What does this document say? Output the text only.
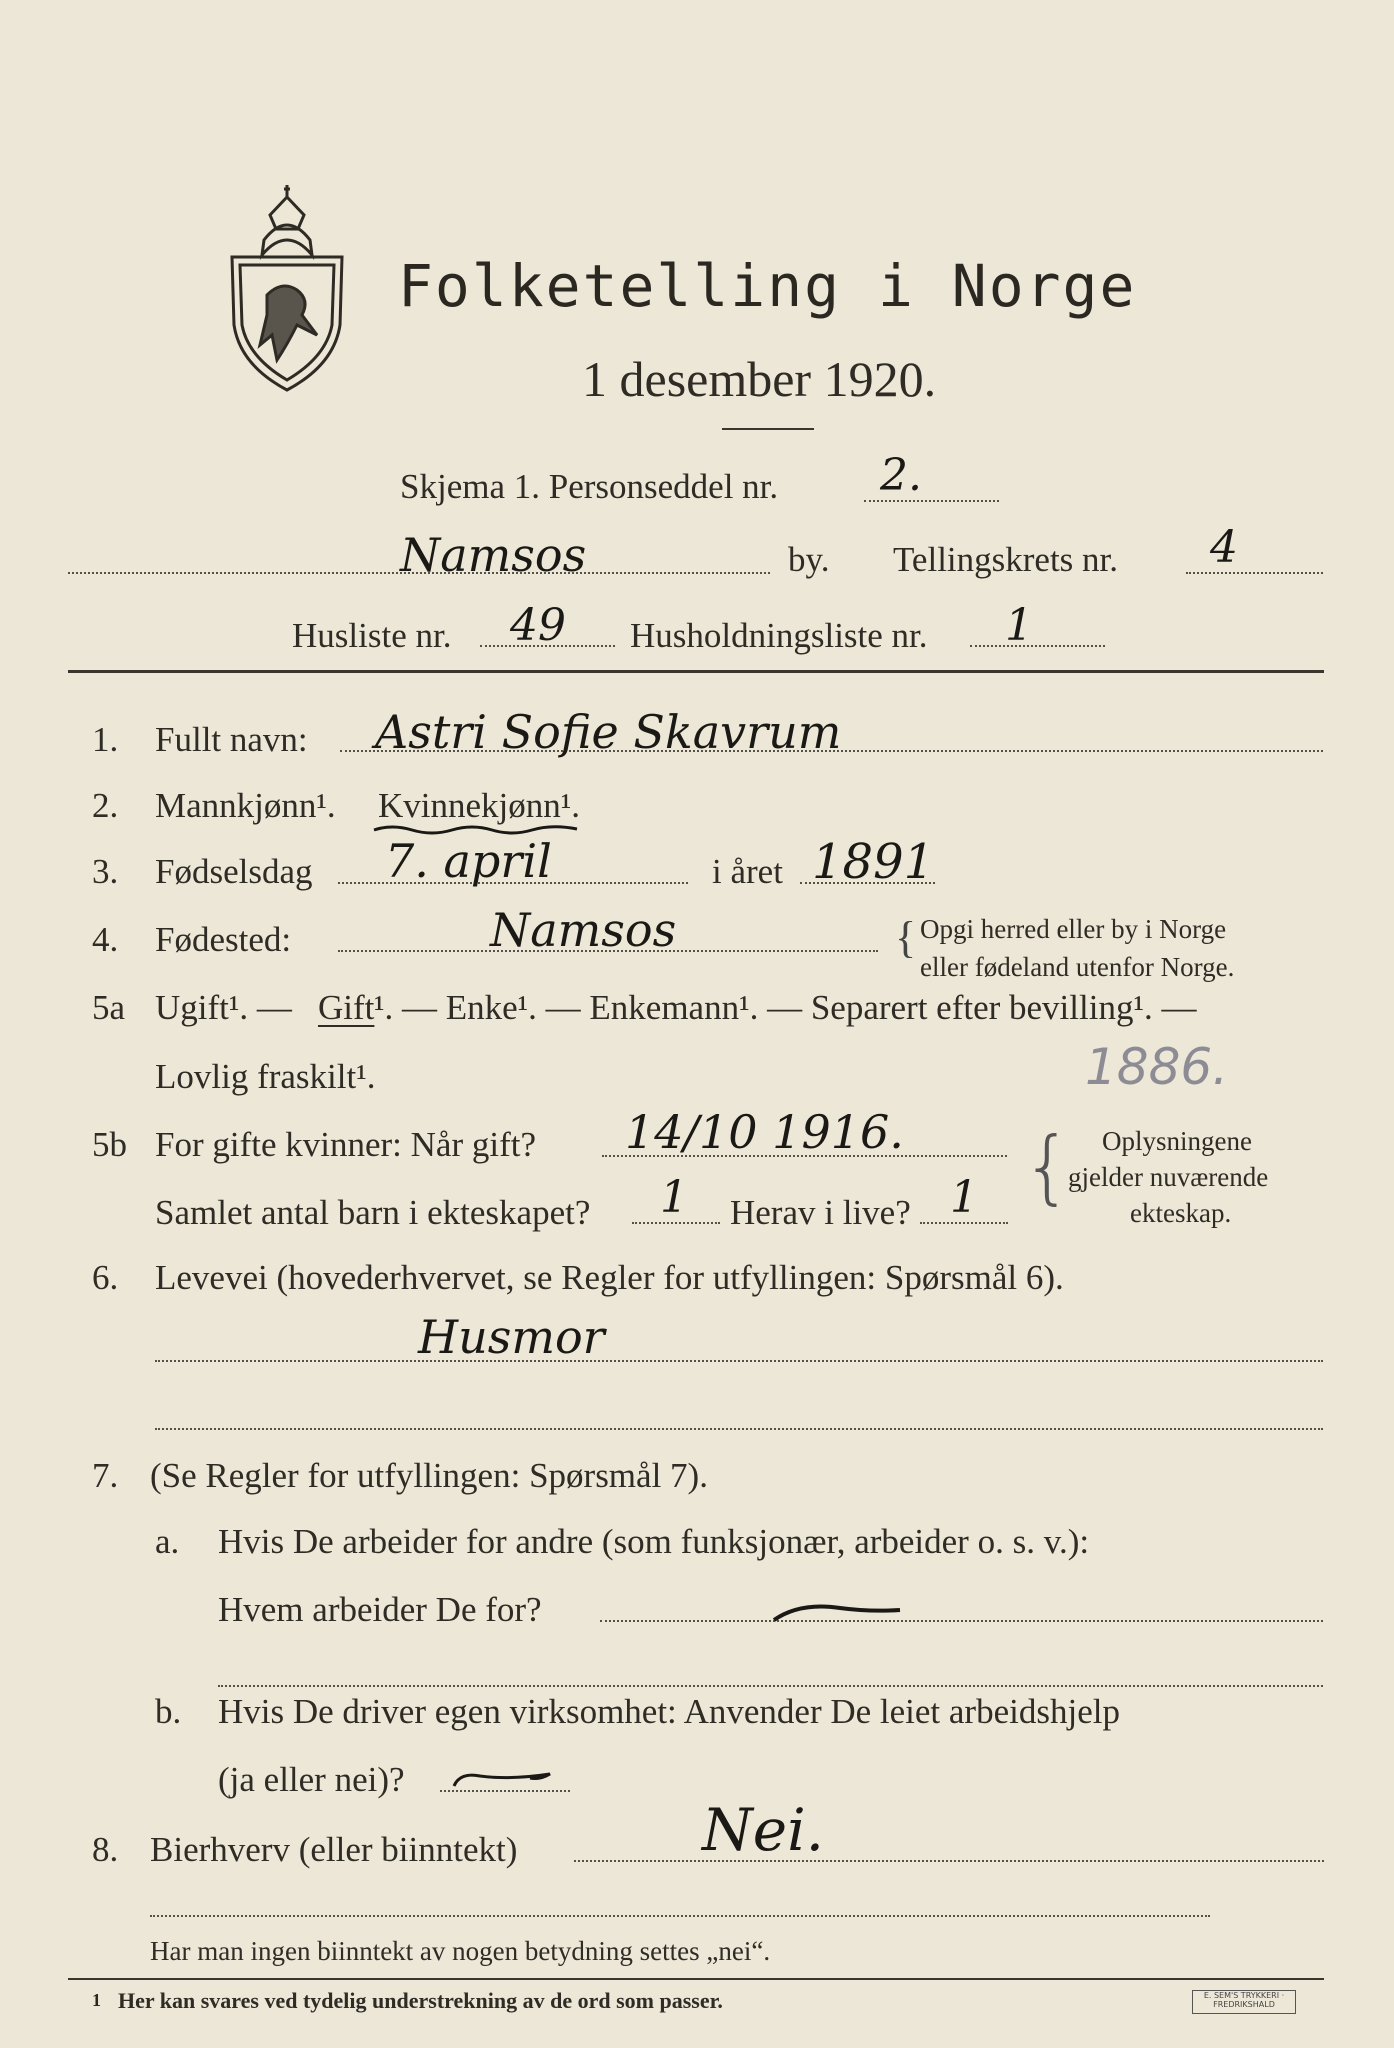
Folketelling i Norge
1 desember 1920.
Skjema 1. Personseddel nr. 2.
Namsos	by. Tellingskrets nr. 4
Husliste nr. 49 Husholdningsliste nr. 1
1. Fullt navn: Astri Sofie Skavrum
2. Mannkjønn¹. Kvinnekjønn¹.
3. Fødselsdag 7. april	i året 1891
4. Fødested:	Namsos	{ Opgi herred eller by i Norge
eller fødeland utenfor Norge.
5a Ugift¹. — Gift ¹. — Enke¹. — Enkemann¹. — Separert efter bevilling¹. —
Lovlig fraskilt¹.	1886.
5b For gifte kvinner: Når gift? 14/10 1916.
Samlet antal barn i ekteskapet? 1 Herav i live? 1 { Oplysningene
gjelder nuværende
ekteskap.
6. Levevei (hovederhvervet, se Regler for utfyllingen: Spørsmål 6).
Husmor
7. (Se Regler for utfyllingen: Spørsmål 7).
a. Hvis De arbeider for andre (som funksjonær, arbeider o. s. v.):
Hvem arbeider De for?
b. Hvis De driver egen virksomhet: Anvender De leiet arbeidshjelp
(ja eller nei)?
8. Bierhverv (eller biinntekt)	Nei.
Har man ingen biinntekt av nogen betydning settes „nei“.
1 Her kan svares ved tydelig understrekning av de ord som passer.	E. SEM'S TRYKKERI · FREDRIKSHALD
